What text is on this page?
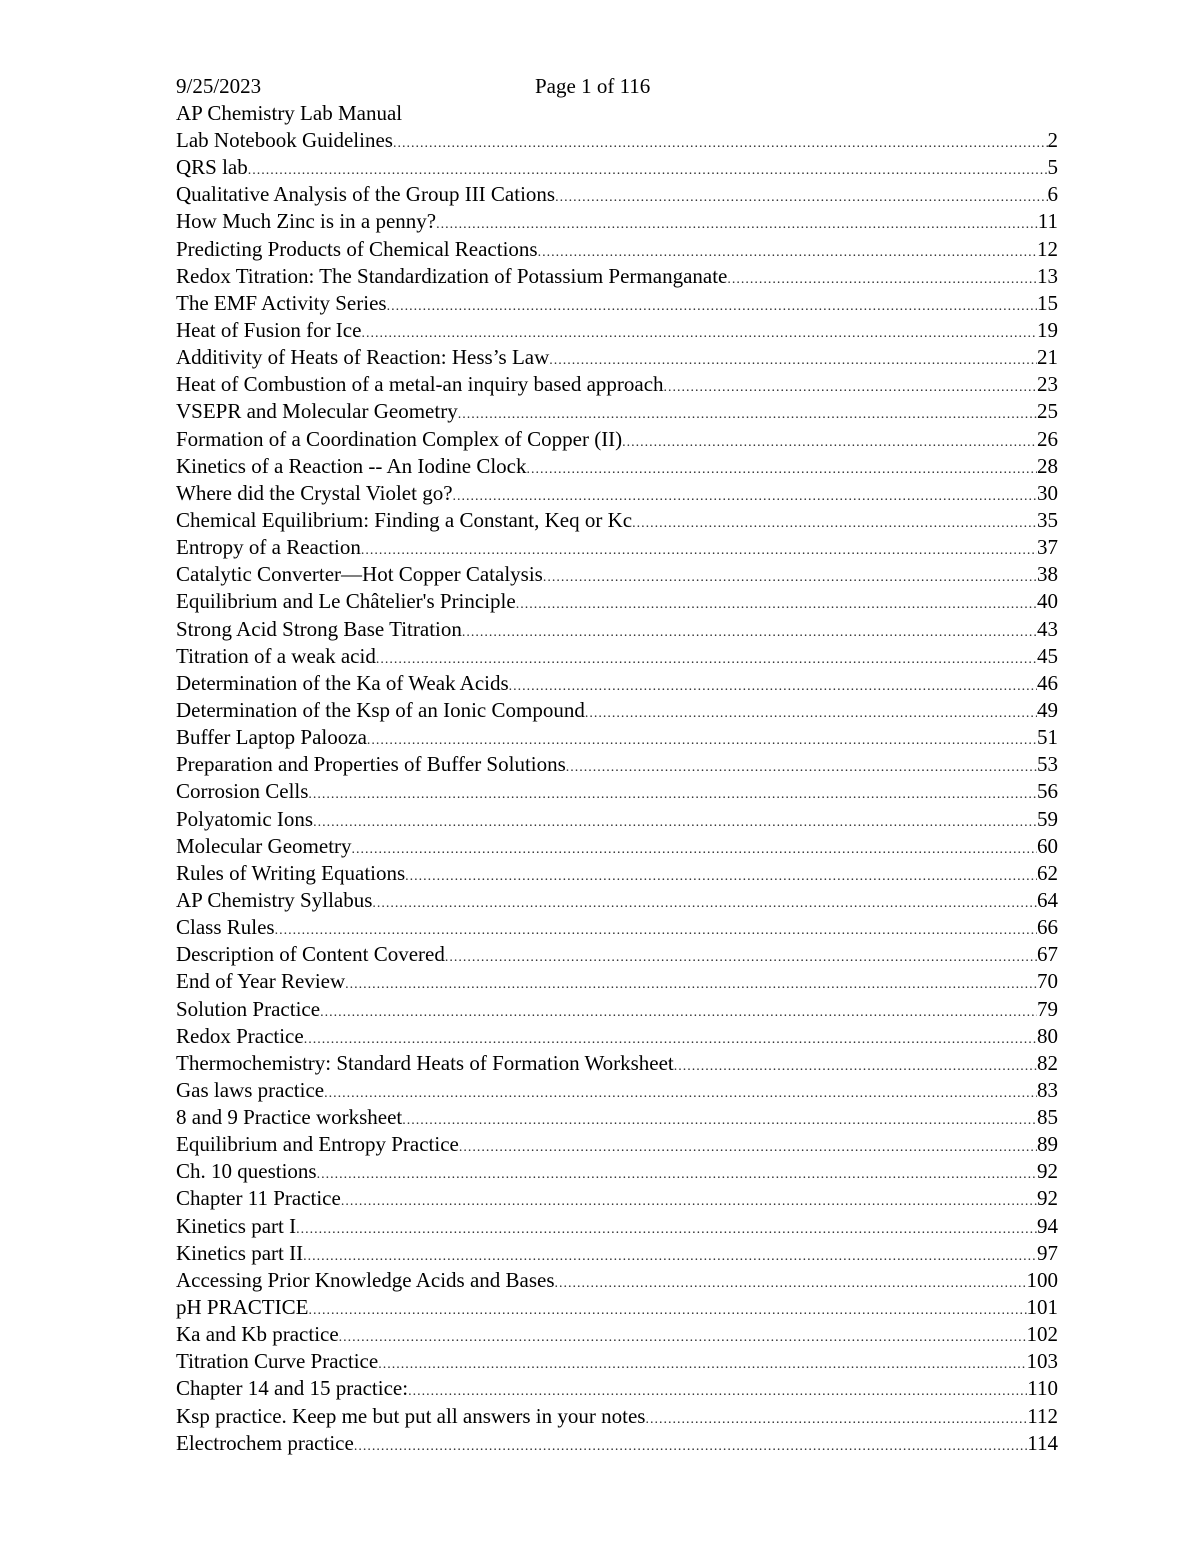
9/25/2023	Page 1 of 116
AP Chemistry Lab Manual
Lab Notebook Guidelines .....	2
QRS lab .....	5
Qualitative Analysis of the Group III Cations .....	6
How Much Zinc is in a penny? .....	11
Predicting Products of Chemical Reactions .....	12
Redox Titration: The Standardization of Potassium Permanganate .....	13
The EMF Activity Series .....	15
Heat of Fusion for Ice .....	19
Additivity of Heats of Reaction: Hess’s Law .....	21
Heat of Combustion of a metal-an inquiry based approach .....	23
VSEPR and Molecular Geometry .....	25
Formation of a Coordination Complex of Copper (II) .....	26
Kinetics of a Reaction -- An Iodine Clock .....	28
Where did the Crystal Violet go? .....	30
Chemical Equilibrium: Finding a Constant, Keq or Kc .....	35
Entropy of a Reaction .....	37
Catalytic Converter—Hot Copper Catalysis .....	38
Equilibrium and Le Châtelier's Principle .....	40
Strong Acid Strong Base Titration .....	43
Titration of a weak acid .....	45
Determination of the Ka of Weak Acids .....	46
Determination of the Ksp of an Ionic Compound .....	49
Buffer Laptop Palooza .....	51
Preparation and Properties of Buffer Solutions .....	53
Corrosion Cells .....	56
Polyatomic Ions .....	59
Molecular Geometry .....	60
Rules of Writing Equations .....	62
AP Chemistry Syllabus .....	64
Class Rules .....	66
Description of Content Covered .....	67
End of Year Review .....	70
Solution Practice .....	79
Redox Practice .....	80
Thermochemistry: Standard Heats of Formation Worksheet .....	82
Gas laws practice .....	83
8 and 9 Practice worksheet .....	85
Equilibrium and Entropy Practice .....	89
Ch. 10 questions .....	92
Chapter 11 Practice .....	92
Kinetics part I .....	94
Kinetics part II .....	97
Accessing Prior Knowledge Acids and Bases .....	100
pH PRACTICE .....	101
Ka and Kb practice .....	102
Titration Curve Practice .....	103
Chapter 14 and 15 practice: .....	110
Ksp practice. Keep me but put all answers in your notes .....	112
Electrochem practice .....	114
